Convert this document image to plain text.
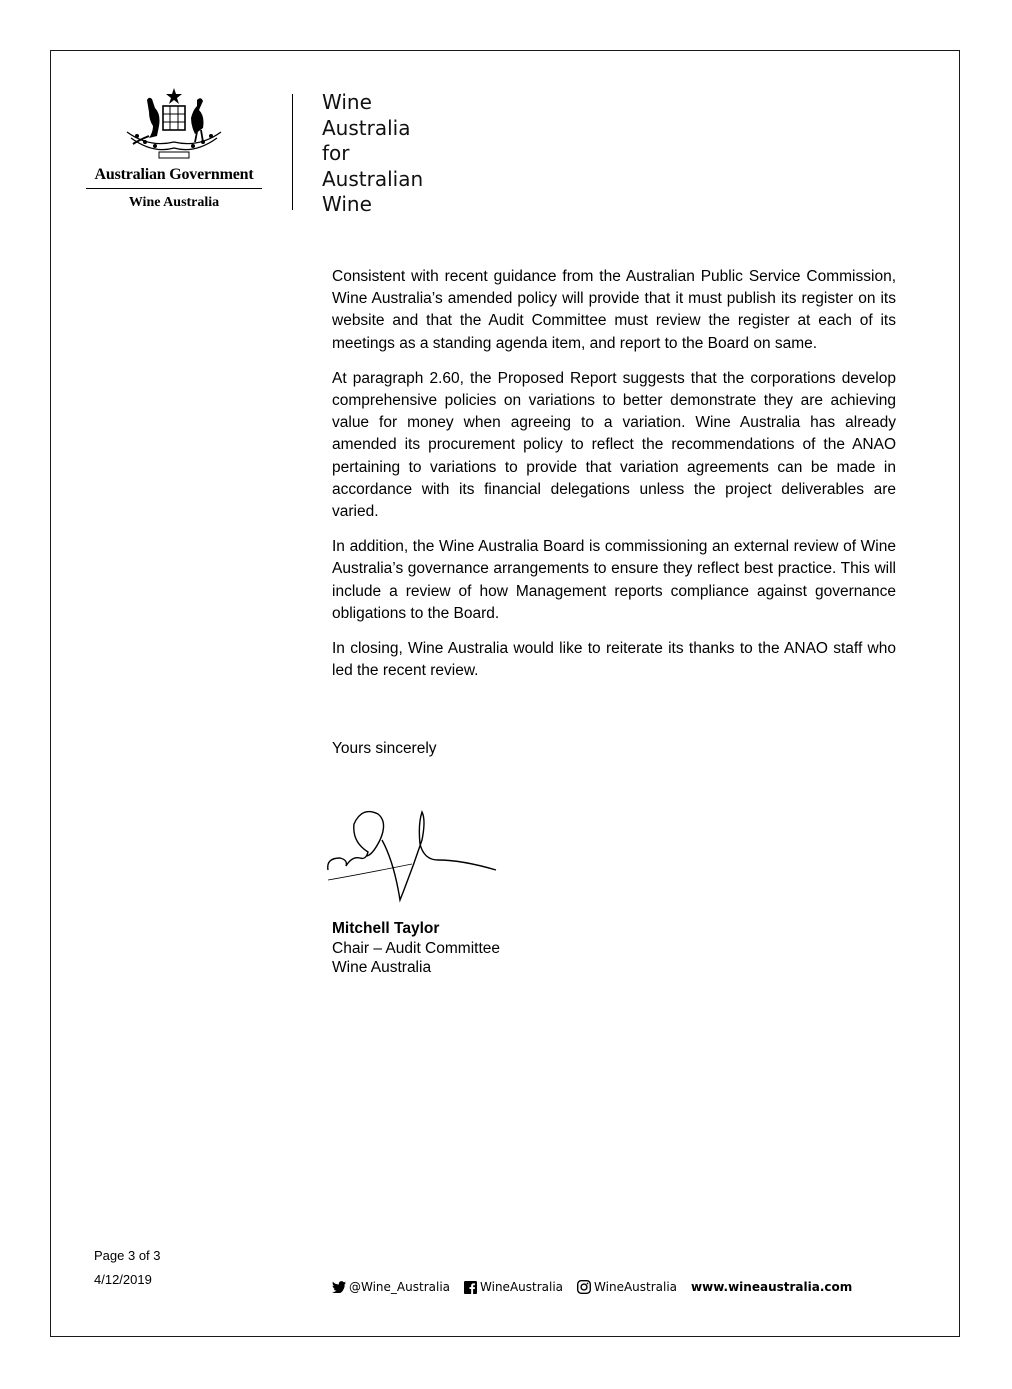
Australian Government
Wine Australia
Wine
Australia
for
Australian
Wine

Consistent with recent guidance from the Australian Public Service Commission, Wine Australia’s amended policy will provide that it must publish its register on its website and that the Audit Committee must review the register at each of its meetings as a standing agenda item, and report to the Board on same.

At paragraph 2.60, the Proposed Report suggests that the corporations develop comprehensive policies on variations to better demonstrate they are achieving value for money when agreeing to a variation. Wine Australia has already amended its procurement policy to reflect the recommendations of the ANAO pertaining to variations to provide that variation agreements can be made in accordance with its financial delegations unless the project deliverables are varied.

In addition, the Wine Australia Board is commissioning an external review of Wine Australia’s governance arrangements to ensure they reflect best practice. This will include a review of how Management reports compliance against governance obligations to the Board.

In closing, Wine Australia would like to reiterate its thanks to the ANAO staff who led the recent review.

Yours sincerely
Mitchell Taylor
Chair – Audit Committee
Wine Australia
Page 3 of 3
4/12/2019	@Wine_Australia	WineAustralia	WineAustralia www.wineaustralia.com
